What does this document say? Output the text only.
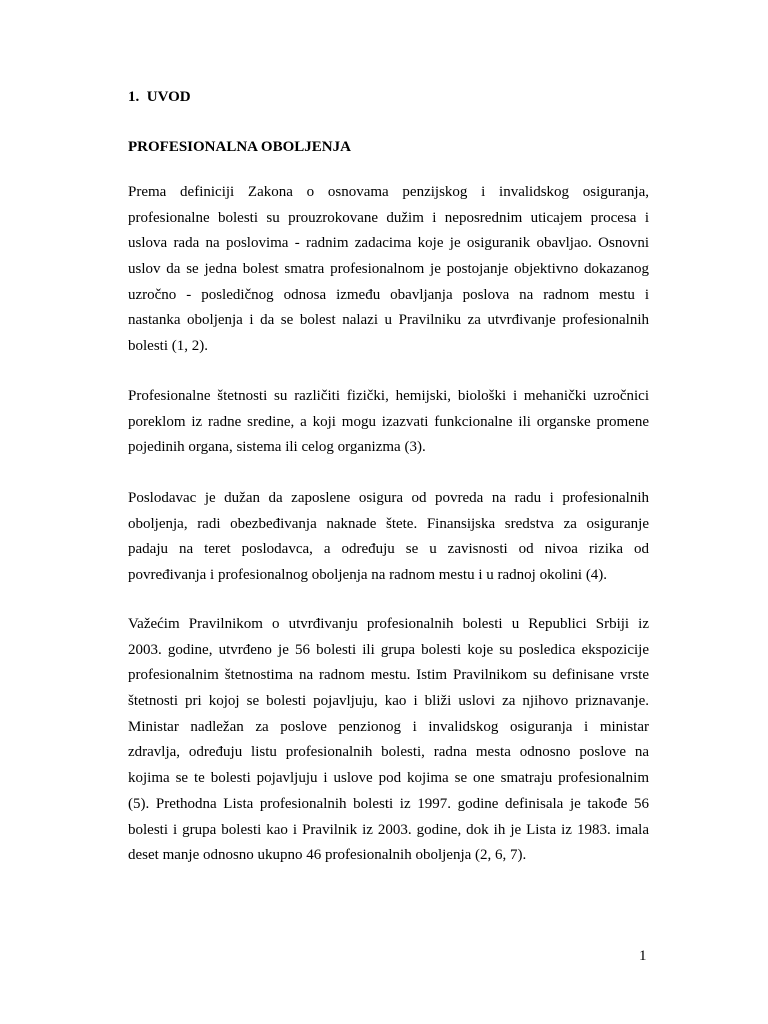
1.  UVOD
PROFESIONALNA OBOLJENJA
Prema definiciji Zakona o osnovama penzijskog i invalidskog osiguranja,
profesionalne bolesti su prouzrokovane dužim i neposrednim uticajem procesa i
uslova rada na poslovima - radnim zadacima koje je osiguranik obavljao. Osnovni
uslov da se jedna bolest smatra profesionalnom je postojanje objektivno dokazanog
uzročno - posledičnog odnosa između obavljanja poslova na radnom mestu i
nastanka oboljenja i da se bolest nalazi u Pravilniku za utvrđivanje profesionalnih
bolesti (1, 2).
Profesionalne štetnosti su različiti fizički, hemijski, biološki i mehanički uzročnici
poreklom iz radne sredine, a koji mogu izazvati funkcionalne ili organske promene
pojedinih organa, sistema ili celog organizma (3).
Poslodavac je dužan da zaposlene osigura od povreda na radu i profesionalnih
oboljenja, radi obezbeđivanja naknade štete. Finansijska sredstva za osiguranje
padaju na teret poslodavca, a određuju se u zavisnosti od nivoa rizika od
povređivanja i profesionalnog oboljenja na radnom mestu i u radnoj okolini (4).
Važećim Pravilnikom o utvrđivanju profesionalnih bolesti u Republici Srbiji iz
2003. godine, utvrđeno je 56 bolesti ili grupa bolesti koje su posledica ekspozicije
profesionalnim štetnostima na radnom mestu. Istim Pravilnikom su definisane vrste
štetnosti pri kojoj se bolesti pojavljuju, kao i bliži uslovi za njihovo priznavanje.
Ministar nadležan za poslove penzionog i invalidskog osiguranja i ministar
zdravlja, određuju listu profesionalnih bolesti, radna mesta odnosno poslove na
kojima se te bolesti pojavljuju i uslove pod kojima se one smatraju profesionalnim
(5). Prethodna Lista profesionalnih bolesti iz 1997. godine definisala je takođe 56
bolesti i grupa bolesti kao i Pravilnik iz 2003. godine, dok ih je Lista iz 1983. imala
deset manje odnosno ukupno 46 profesionalnih oboljenja (2, 6, 7).
1
